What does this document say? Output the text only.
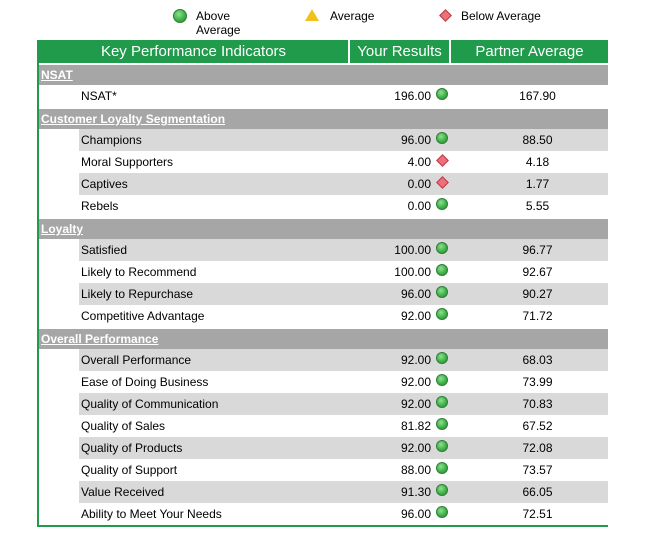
Above Average
Average	Below Average
Key Performance Indicators	Your Results	Partner Average
NSAT
NSAT*	196.00	167.90
Customer Loyalty Segmentation
Champions	96.00	88.50
Moral Supporters	4.00	4.18
Captives	0.00	1.77
Rebels	0.00	5.55
Loyalty
Satisfied	100.00	96.77
Likely to Recommend	100.00	92.67
Likely to Repurchase	96.00	90.27
Competitive Advantage	92.00	71.72
Overall Performance
Overall Performance	92.00	68.03
Ease of Doing Business	92.00	73.99
Quality of Communication	92.00	70.83
Quality of Sales	81.82	67.52
Quality of Products	92.00	72.08
Quality of Support	88.00	73.57
Value Received	91.30	66.05
Ability to Meet Your Needs	96.00	72.51
